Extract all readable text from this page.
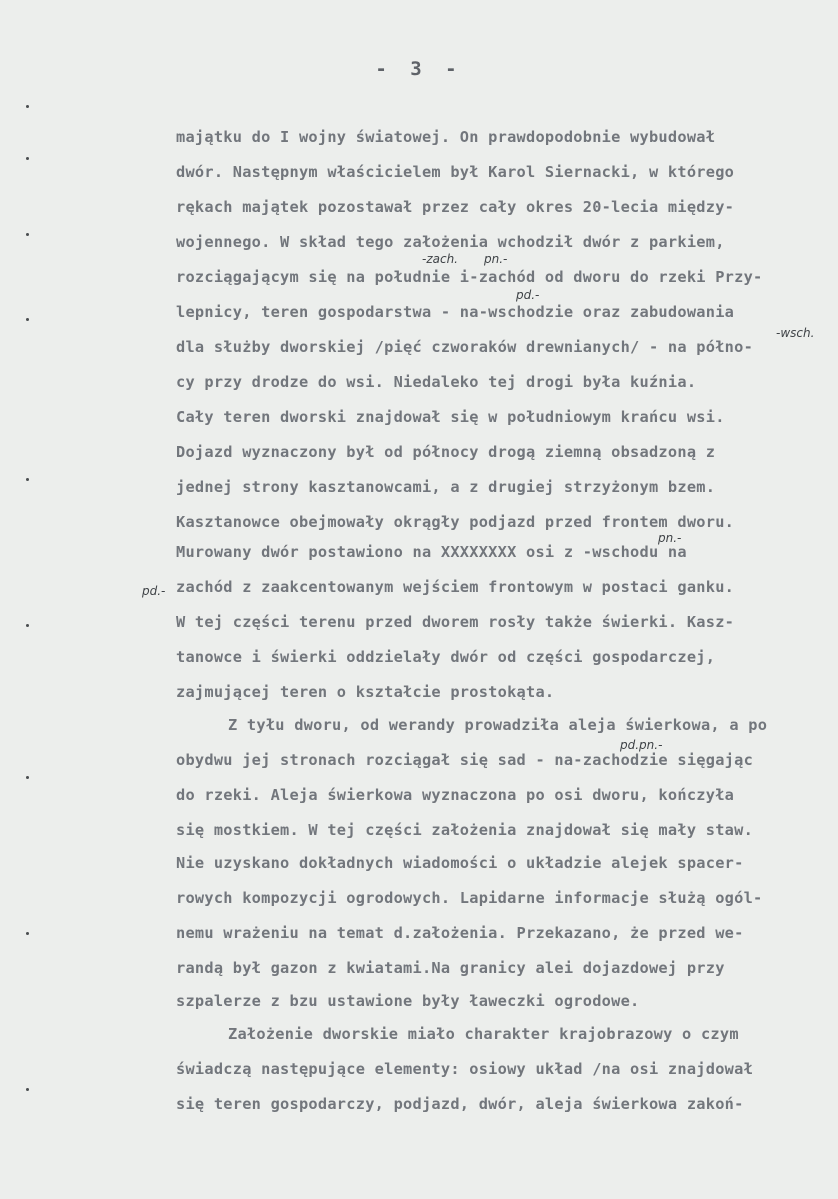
- 3 -
majątku do I wojny światowej. On prawdopodobnie wybudował
dwór. Następnym właścicielem był Karol Siernacki, w którego
rękach majątek pozostawał przez cały okres 20-lecia między-
wojennego. W skład tego założenia wchodził dwór z parkiem,
rozciągającym się na południe i-zachód od dworu do rzeki Przy-
lepnicy, teren gospodarstwa - na-wschodzie oraz zabudowania
dla służby dworskiej /pięć czworaków drewnianych/ - na półno-
cy przy drodze do wsi. Niedaleko tej drogi była kuźnia.
Cały teren dworski znajdował się w południowym krańcu wsi.
Dojazd wyznaczony był od północy drogą ziemną obsadzoną z
jednej strony kasztanowcami, a z drugiej strzyżonym bzem.
Kasztanowce obejmowały okrągły podjazd przed frontem dworu.
Murowany dwór postawiono na XXXXXXXX osi z -wschodu na
zachód z zaakcentowanym wejściem frontowym w postaci ganku.
W tej części terenu przed dworem rosły także świerki. Kasz-
tanowce i świerki oddzielały dwór od części gospodarczej,
zajmującej teren o kształcie prostokąta.
Z tyłu dworu, od werandy prowadziła aleja świerkowa, a po
obydwu jej stronach rozciągał się sad - na-zachodzie sięgając
do rzeki. Aleja świerkowa wyznaczona po osi dworu, kończyła
się mostkiem. W tej części założenia znajdował się mały staw.
Nie uzyskano dokładnych wiadomości o układzie alejek spacer-
rowych kompozycji ogrodowych. Lapidarne informacje służą ogól-
nemu wrażeniu na temat d.założenia. Przekazano, że przed we-
randą był gazon z kwiatami.Na granicy alei dojazdowej przy
szpalerze z bzu ustawione były ławeczki ogrodowe.
Założenie dworskie miało charakter krajobrazowy o czym
świadczą następujące elementy: osiowy układ /na osi znajdował
się teren gospodarczy, podjazd, dwór, aleja świerkowa zakoń-
-zach. pn.-
pd.-
-wsch.
pn.-
pd.-
pd.pn.-
